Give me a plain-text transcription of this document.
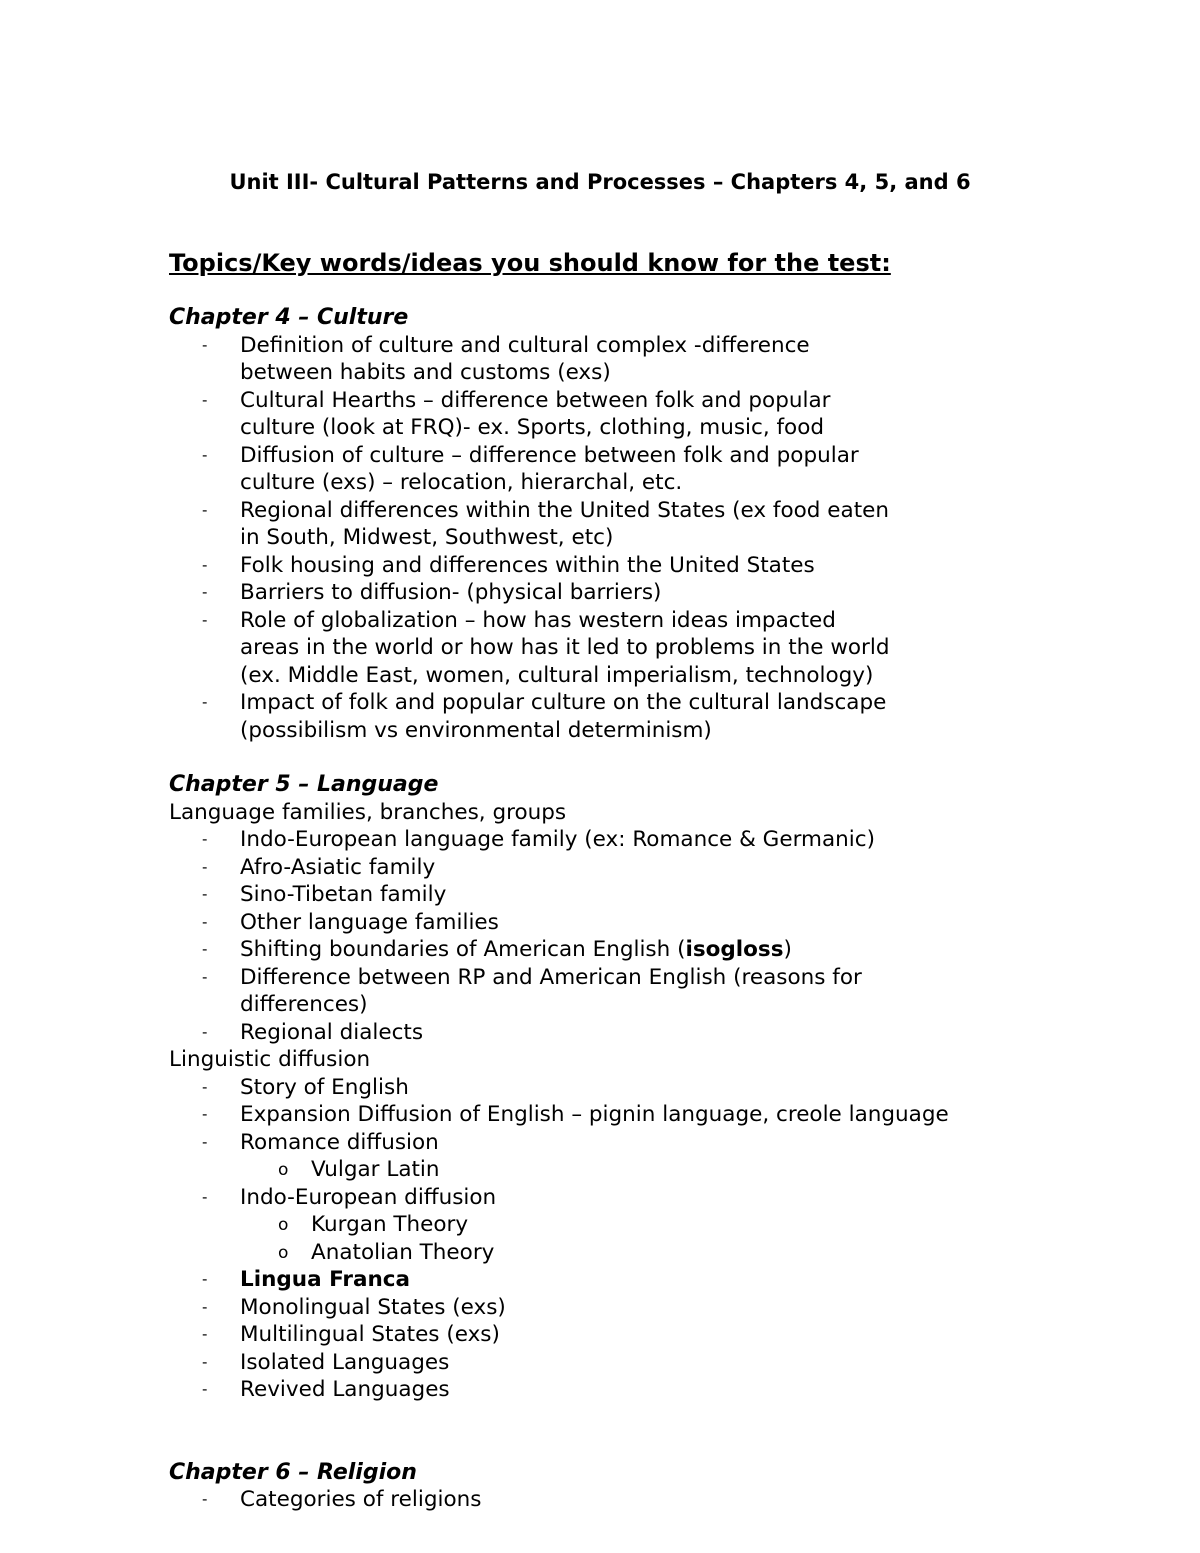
Unit III- Cultural Patterns and Processes – Chapters 4, 5, and 6
Topics/Key words/ideas you should know for the test:

Chapter 4 – Culture

- Definition of culture and cultural complex -difference
between habits and customs (exs)
- Cultural Hearths – difference between folk and popular
culture (look at FRQ)- ex. Sports, clothing, music, food
- Diffusion of culture – difference between folk and popular
culture (exs) – relocation, hierarchal, etc.
- Regional differences within the United States (ex food eaten
in South, Midwest, Southwest, etc)
- Folk housing and differences within the United States
- Barriers to diffusion- (physical barriers)
- Role of globalization – how has western ideas impacted
areas in the world or how has it led to problems in the world
(ex. Middle East, women, cultural imperialism, technology)
- Impact of folk and popular culture on the cultural landscape
(possibilism vs environmental determinism)

Chapter 5 – Language

Language families, branches, groups

- Indo-European language family (ex: Romance & Germanic)
- Afro-Asiatic family
- Sino-Tibetan family
- Other language families
- Shifting boundaries of American English (isogloss)
- Difference between RP and American English (reasons for
differences)
- Regional dialects

Linguistic diffusion

- Story of English
- Expansion Diffusion of English – pignin language, creole language
- Romance diffusion
o Vulgar Latin
- Indo-European diffusion
o Kurgan Theory
o Anatolian Theory
- Lingua Franca
- Monolingual States (exs)
- Multilingual States (exs)
- Isolated Languages
- Revived Languages

Chapter 6 – Religion

- Categories of religions
